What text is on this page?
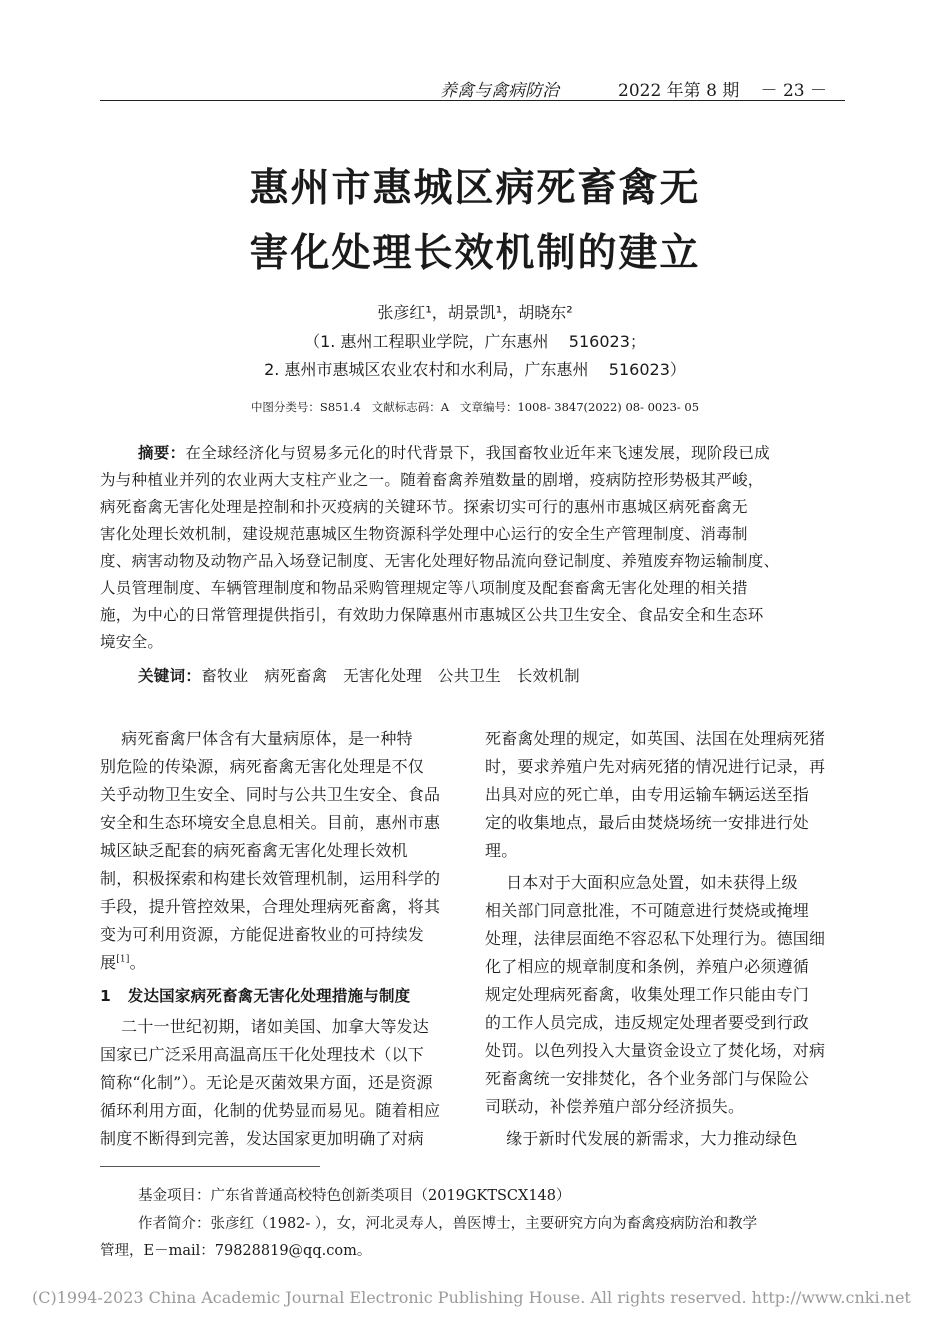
养禽与禽病防治	2022 年第 8 期 － 23 －
惠州市惠城区病死畜禽无
害化处理长效机制的建立
张彦红¹，胡景凯¹，胡晓东²
（1. 惠州工程职业学院，广东惠州    516023；
2. 惠州市惠城区农业农村和水利局，广东惠州    516023）
中图分类号：S851.4   文献标志码：A   文章编号：1008- 3847(2022) 08- 0023- 05
摘要：在全球经济化与贸易多元化的时代背景下，我国畜牧业近年来飞速发展，现阶段已成
为与种植业并列的农业两大支柱产业之一。随着畜禽养殖数量的剧增，疫病防控形势极其严峻，
病死畜禽无害化处理是控制和扑灭疫病的关键环节。探索切实可行的惠州市惠城区病死畜禽无
害化处理长效机制，建设规范惠城区生物资源科学处理中心运行的安全生产管理制度、消毒制
度、病害动物及动物产品入场登记制度、无害化处理好物品流向登记制度、养殖废弃物运输制度、
人员管理制度、车辆管理制度和物品采购管理规定等八项制度及配套畜禽无害化处理的相关措
施，为中心的日常管理提供指引，有效助力保障惠州市惠城区公共卫生安全、食品安全和生态环
境安全。
关键词：畜牧业   病死畜禽   无害化处理   公共卫生   长效机制
病死畜禽尸体含有大量病原体，是一种特
别危险的传染源，病死畜禽无害化处理是不仅
关乎动物卫生安全、同时与公共卫生安全、食品
安全和生态环境安全息息相关。目前，惠州市惠
城区缺乏配套的病死畜禽无害化处理长效机
制，积极探索和构建长效管理机制，运用科学的
手段，提升管控效果，合理处理病死畜禽，将其
变为可利用资源，方能促进畜牧业的可持续发
展[1]。
1   发达国家病死畜禽无害化处理措施与制度
二十一世纪初期，诸如美国、加拿大等发达
国家已广泛采用高温高压干化处理技术（以下
简称“化制”）。无论是灭菌效果方面，还是资源
循环利用方面，化制的优势显而易见。随着相应
制度不断得到完善，发达国家更加明确了对病
死畜禽处理的规定，如英国、法国在处理病死猪
时，要求养殖户先对病死猪的情况进行记录，再
出具对应的死亡单，由专用运输车辆运送至指
定的收集地点，最后由焚烧场统一安排进行处
理。
日本对于大面积应急处置，如未获得上级
相关部门同意批准，不可随意进行焚烧或掩埋
处理，法律层面绝不容忍私下处理行为。德国细
化了相应的规章制度和条例，养殖户必须遵循
规定处理病死畜禽，收集处理工作只能由专门
的工作人员完成，违反规定处理者要受到行政
处罚。以色列投入大量资金设立了焚化场，对病
死畜禽统一安排焚化，各个业务部门与保险公
司联动，补偿养殖户部分经济损失。
缘于新时代发展的新需求，大力推动绿色
基金项目：广东省普通高校特色创新类项目（2019GKTSCX148）
作者简介：张彦红（1982- ），女，河北灵寿人，兽医博士，主要研究方向为畜禽疫病防治和教学
管理，E－mail：79828819@qq.com。
(C)1994-2023 China Academic Journal Electronic Publishing House. All rights reserved. http://www.cnki.net
